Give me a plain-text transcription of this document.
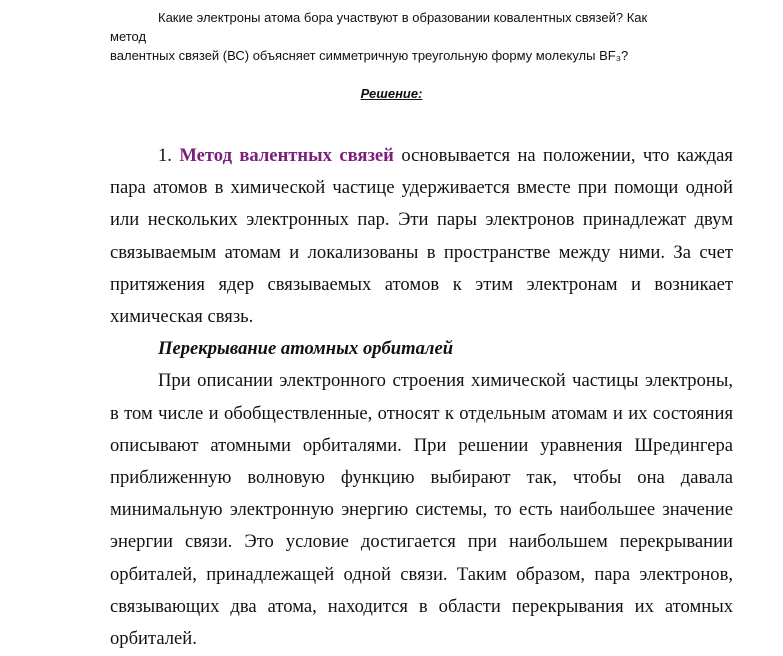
Какие электроны атома бора участвуют в образовании ковалентных связей? Как метод

валентных связей (ВС) объясняет симметричную треугольную форму молекулы BF₃?

Решение:

1. Метод валентных связей основывается на положении, что каждая пара атомов в химической частице удерживается вместе при помощи одной или нескольких электронных пар. Эти пары электронов принадлежат двум связываемым атомам и локализованы в пространстве между ними. За счет притяжения ядер связываемых атомов к этим электронам и возникает химическая связь.

Перекрывание атомных орбиталей

При описании электронного строения химической частицы электроны, в том числе и обобществленные, относят к отдельным атомам и их состояния описывают атомными орбиталями. При решении уравнения Шредингера приближенную волновую функцию выбирают так, чтобы она давала минимальную электронную энергию системы, то есть наибольшее значение энергии связи. Это условие достигается при наибольшем перекрывании орбиталей, принадлежащей одной связи. Таким образом, пара электронов, связывающих два атома, находится в области перекрывания их атомных орбиталей.
